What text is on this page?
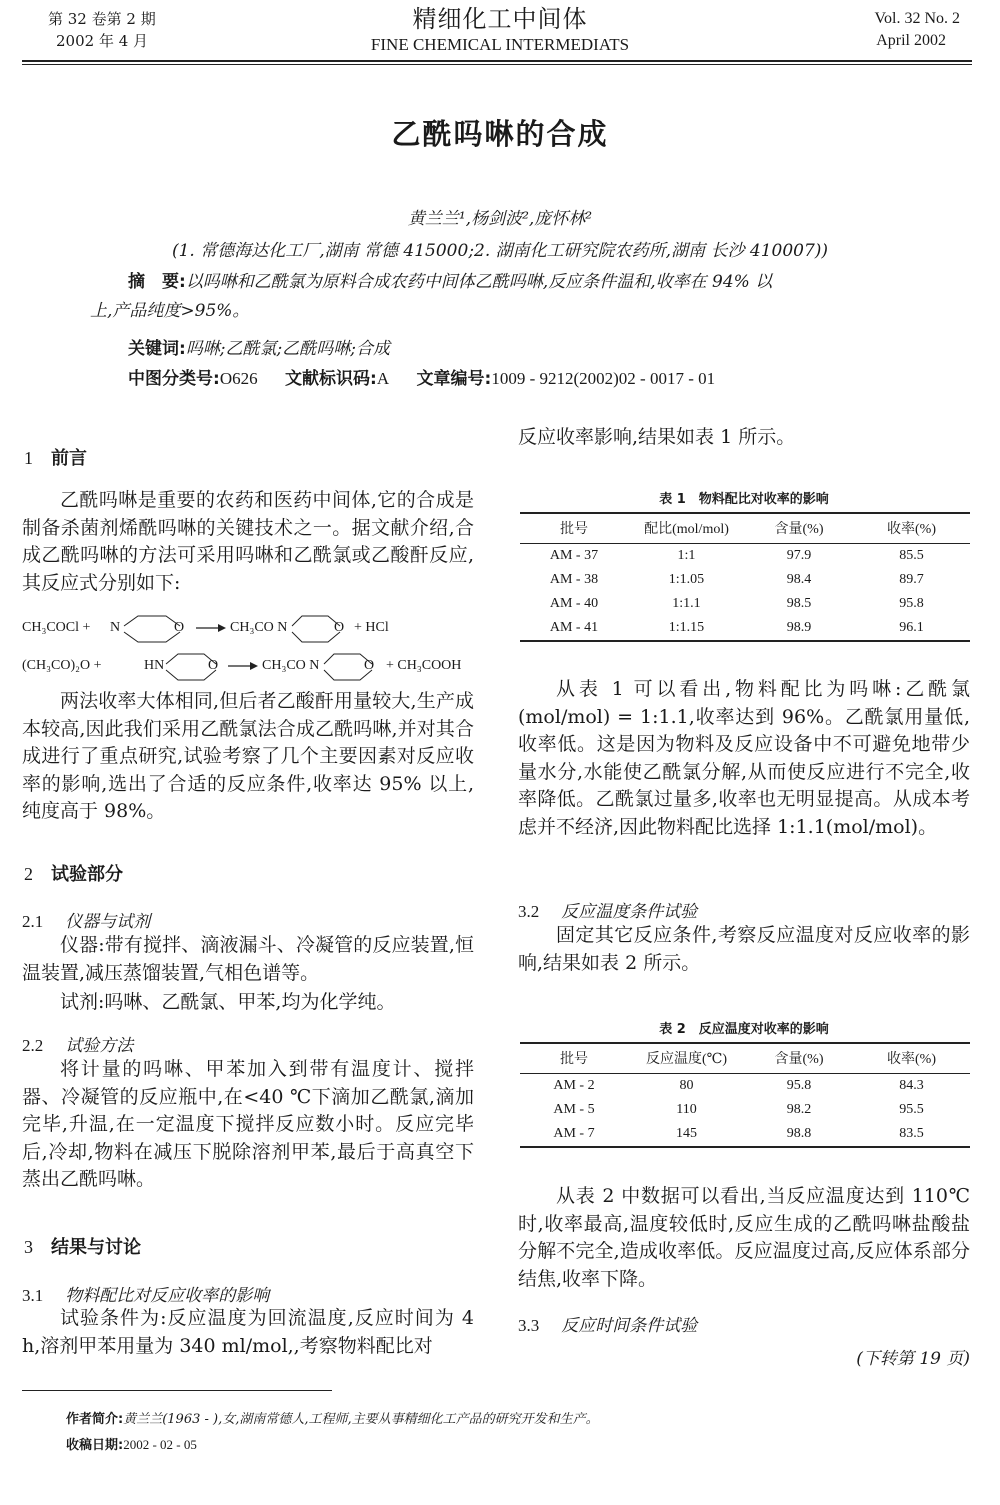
第 32 卷第 2 期
2002 年 4 月
精细化工中间体
FINE CHEMICAL INTERMEDIATS
Vol. 32 No. 2
April 2002
乙酰吗啉的合成
黄兰兰¹,杨剑波²,庞怀林²
(1. 常德海达化工厂,湖南 常德 415000;2. 湖南化工研究院农药所,湖南 长沙 410007))
摘　要:以吗啉和乙酰氯为原料合成农药中间体乙酰吗啉,反应条件温和,收率在 94% 以
上,产品纯度>95%。
关键词:吗啉;乙酰氯;乙酰吗啉;合成
中图分类号:O626 文献标识码:A 文章编号:1009 - 9212(2002)02 - 0017 - 01
1 前言

乙酰吗啉是重要的农药和医药中间体,它的合成是制备杀菌剂烯酰吗啉的关键技术之一。据文献介绍,合成乙酰吗啉的方法可采用吗啉和乙酰氯或乙酸酐反应,其反应式分别如下:

CH₃COCl + N	O → CH₃CO N	O + HCl
(CH₃CO)₂O +	HN	O → CH₃CO N	O + CH₃COOH

两法收率大体相同,但后者乙酸酐用量较大,生产成本较高,因此我们采用乙酰氯法合成乙酰吗啉,并对其合成进行了重点研究,试验考察了几个主要因素对反应收率的影响,选出了合适的反应条件,收率达 95% 以上,纯度高于 98%。

2 试验部分
2.1 仪器与试剂

仪器:带有搅拌、滴液漏斗、冷凝管的反应装置,恒温装置,减压蒸馏装置,气相色谱等。

试剂:吗啉、乙酰氯、甲苯,均为化学纯。

2.2 试验方法

将计量的吗啉、甲苯加入到带有温度计、搅拌器、冷凝管的反应瓶中,在<40 ℃下滴加乙酰氯,滴加完毕,升温,在一定温度下搅拌反应数小时。反应完毕后,冷却,物料在减压下脱除溶剂甲苯,最后于高真空下蒸出乙酰吗啉。

3 结果与讨论
3.1 物料配比对反应收率的影响

试验条件为:反应温度为回流温度,反应时间为 4 h,溶剂甲苯用量为 340 ml/mol,,考察物料配比对

反应收率影响,结果如表 1 所示。
表 1　物料配比对收率的影响
批号	配比(mol/mol)	含量(%)	收率(%)
AM - 37	1:1	97.9	85.5
AM - 38	1:1.05	98.4	89.7
AM - 40	1:1.1	98.5	95.8
AM - 41	1:1.15	98.9	96.1

从表 1 可以看出,物料配比为吗啉:乙酰氯(mol/mol) = 1:1.1,收率达到 96%。乙酰氯用量低,收率低。这是因为物料及反应设备中不可避免地带少量水分,水能使乙酰氯分解,从而使反应进行不完全,收率降低。乙酰氯过量多,收率也无明显提高。从成本考虑并不经济,因此物料配比选择 1:1.1(mol/mol)。

3.2 反应温度条件试验

固定其它反应条件,考察反应温度对反应收率的影响,结果如表 2 所示。

表 2　反应温度对收率的影响
批号	反应温度(℃)	含量(%)	收率(%)
AM - 2	80	95.8	84.3
AM - 5	110	98.2	95.5
AM - 7	145	98.8	83.5

从表 2 中数据可以看出,当反应温度达到 110℃时,收率最高,温度较低时,反应生成的乙酰吗啉盐酸盐分解不完全,造成收率低。反应温度过高,反应体系部分结焦,收率下降。

3.3 反应时间条件试验
(下转第 19 页)
作者简介:黄兰兰(1963 - ),女,湖南常德人,工程师,主要从事精细化工产品的研究开发和生产。
收稿日期:2002 - 02 - 05
